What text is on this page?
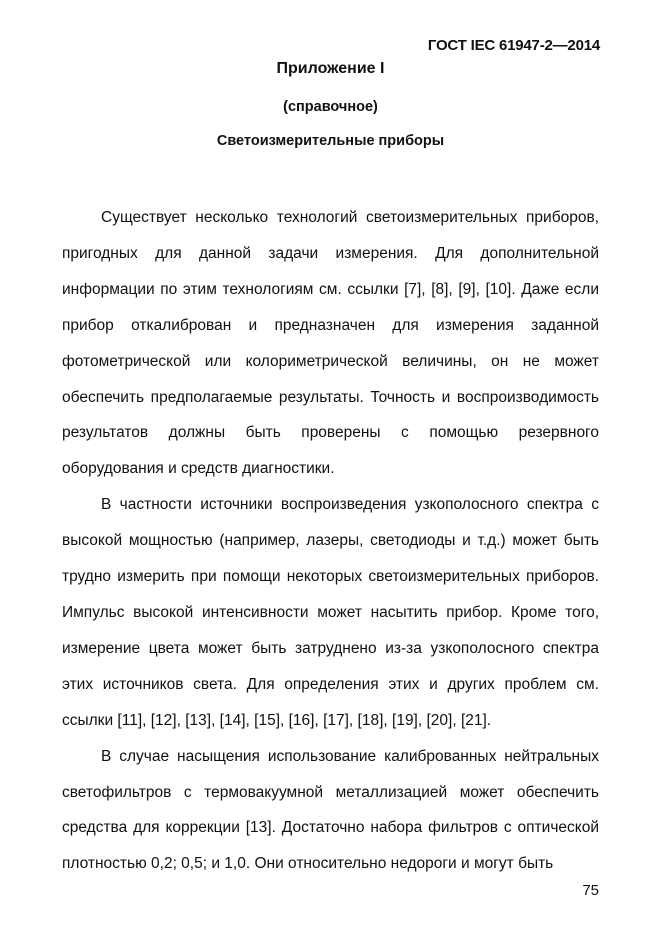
ГОСТ IEC 61947-2—2014
Приложение I
(справочное)
Светоизмерительные приборы

Существует несколько технологий светоизмерительных приборов, пригодных для данной задачи измерения. Для дополнительной информации по этим технологиям см. ссылки [7], [8], [9], [10]. Даже если прибор откалиброван и предназначен для измерения заданной фотометрической или колориметрической величины, он не может обеспечить предполагаемые результаты. Точность и воспроизводимость результатов должны быть проверены с помощью резервного оборудования и средств диагностики.

В частности источники воспроизведения узкополосного спектра с высокой мощностью (например, лазеры, светодиоды и т.д.) может быть трудно измерить при помощи некоторых светоизмерительных приборов. Импульс высокой интенсивности может насытить прибор. Кроме того, измерение цвета может быть затруднено из-за узкополосного спектра этих источников света. Для определения этих и других проблем см. ссылки [11], [12], [13], [14], [15], [16], [17], [18], [19], [20], [21].

В случае насыщения использование калиброванных нейтральных светофильтров с термовакуумной металлизацией может обеспечить средства для коррекции [13]. Достаточно набора фильтров с оптической плотностью 0,2; 0,5; и 1,0. Они относительно недороги и могут быть

75
